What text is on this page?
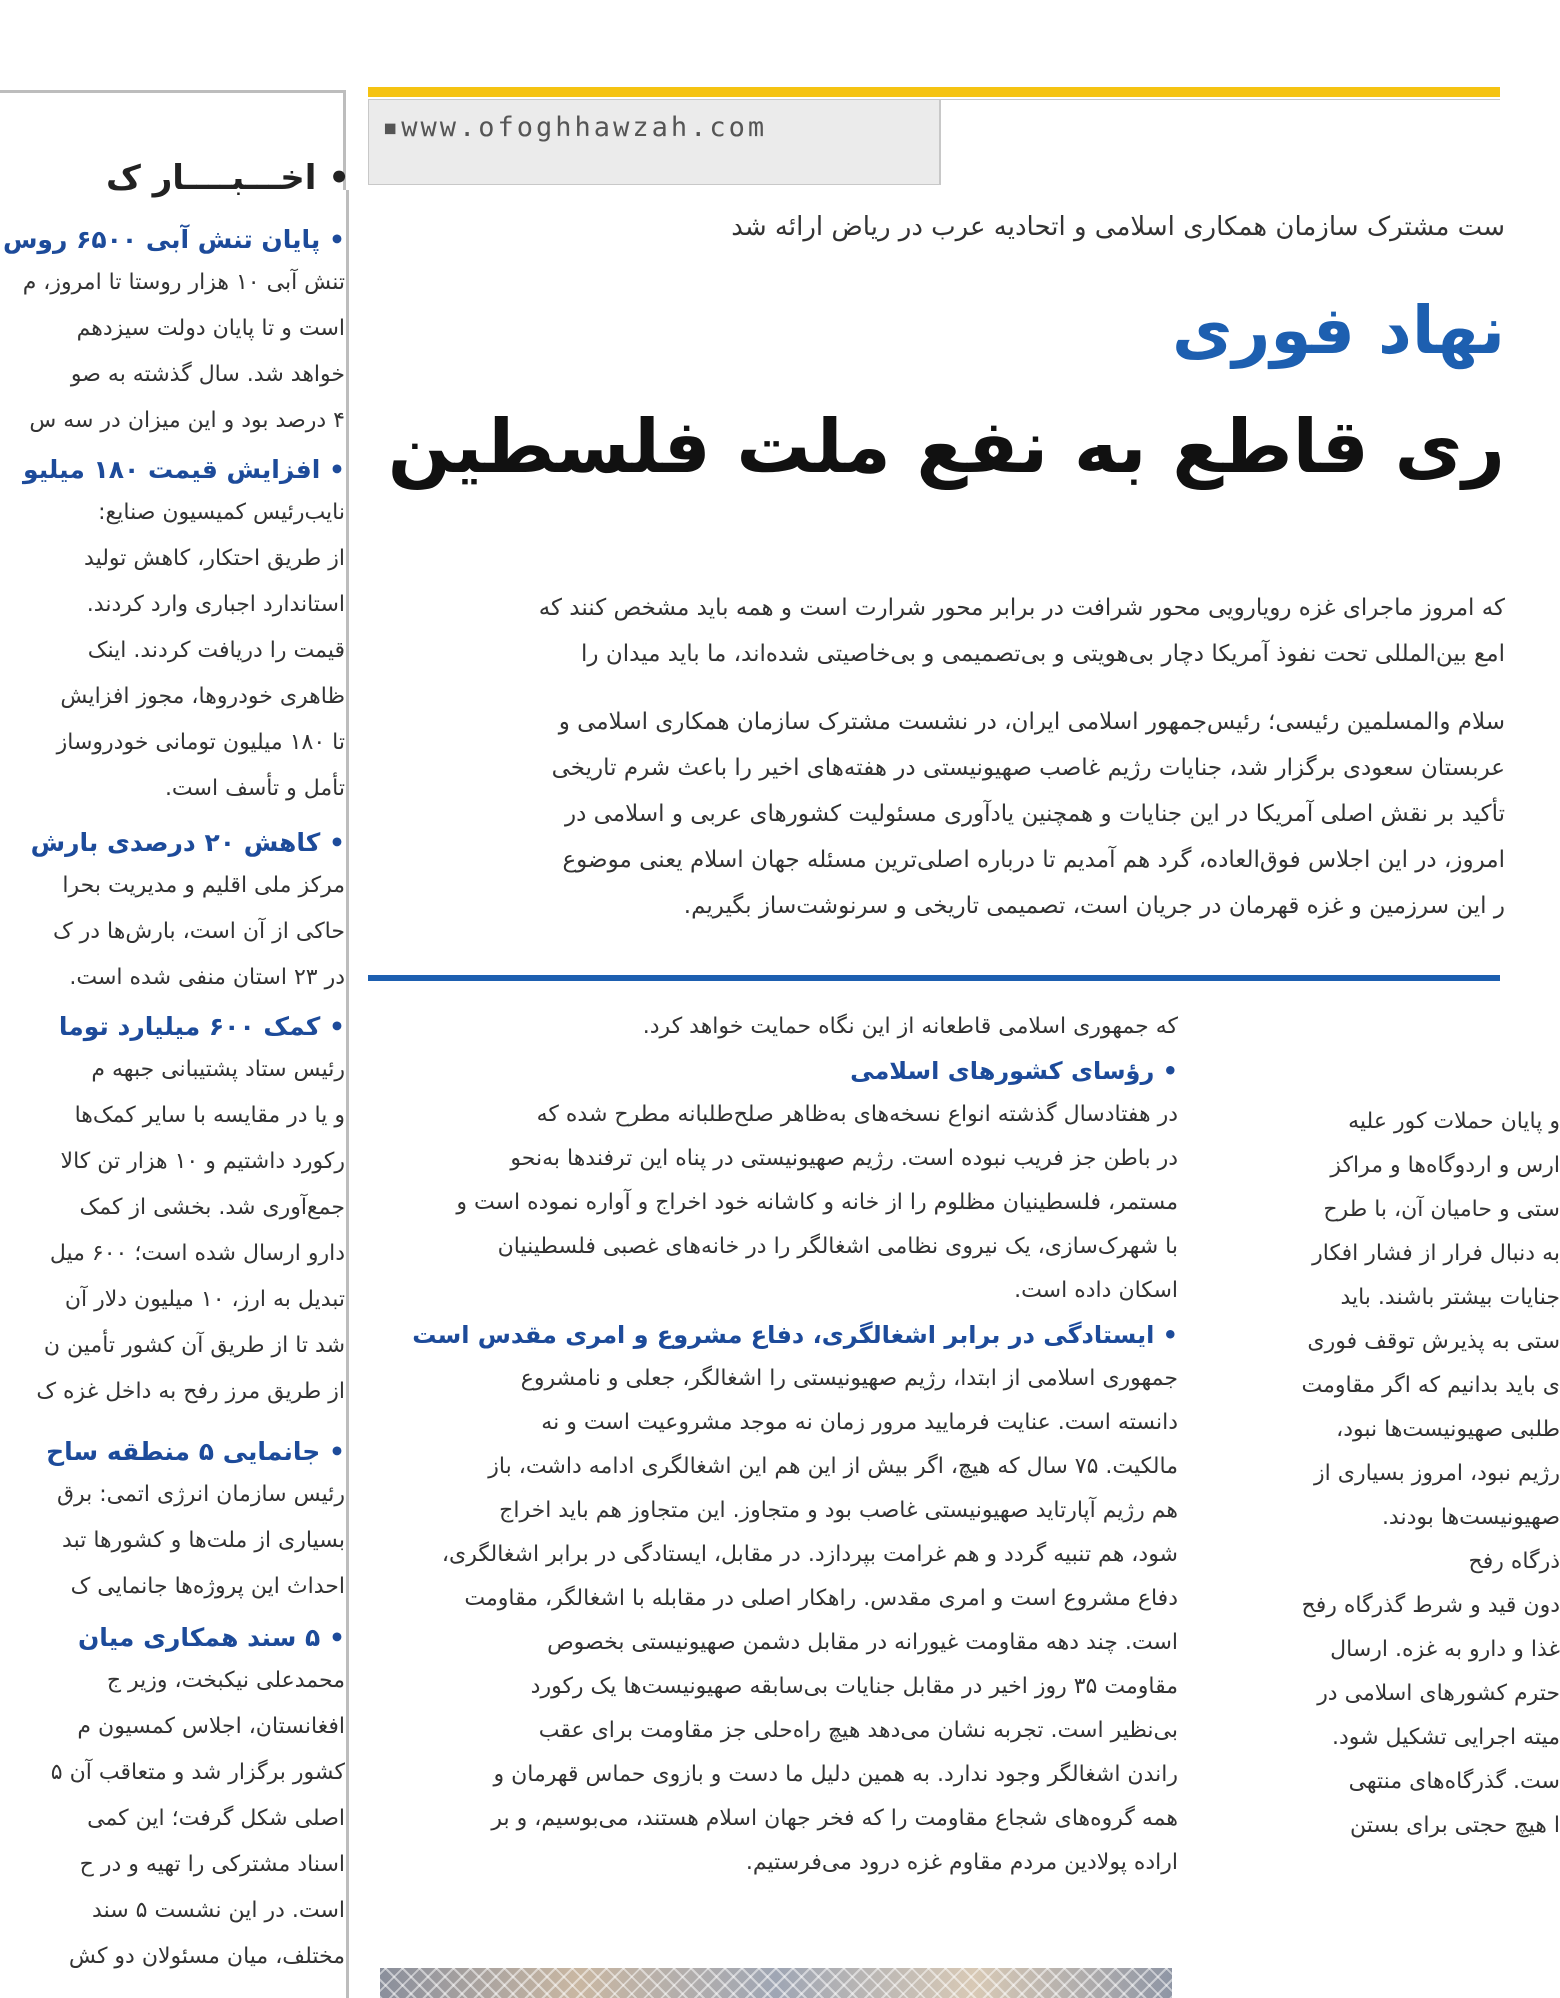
▪www.ofoghhawzah.com
• اخـــبــــار ک
• پایان تنش آبی ۶۵۰۰ روس
تنش آبی ۱۰ هزار روستا تا امروز، م
است و تا پایان دولت سیزدهم
خواهد شد. سال گذشته به صو
۴ درصد بود و این میزان در سه س
• افزایش قیمت ۱۸۰ میلیو
نایب‌رئیس کمیسیون صنایع:
از طریق احتکار، کاهش تولید
استاندارد اجباری وارد کردند.
قیمت را دریافت کردند. اینک
ظاهری خودروها، مجوز افزایش
تا ۱۸۰ میلیون تومانی خودروساز
تأمل و تأسف است.
• کاهش ۲۰ درصدی بارش
مرکز ملی اقلیم و مدیریت بحرا
حاکی از آن است، بارش‌ها در ک
در ۲۳ استان منفی شده است.
• کمک ۶۰۰ میلیارد توما
رئیس ستاد پشتیبانی جبهه م
و یا در مقایسه با سایر کمک‌ها
رکورد داشتیم و ۱۰ هزار تن کالا
جمع‌آوری شد. بخشی از کمک
دارو ارسال شده است؛ ۶۰۰ میل
تبدیل به ارز، ۱۰ میلیون دلار آن
شد تا از طریق آن کشور تأمین ن
از طریق مرز رفح به داخل غزه ک
• جانمایی ۵ منطقه ساح
رئیس سازمان انرژی اتمی: برق
بسیاری از ملت‌ها و کشورها تبد
احداث این پروژه‌ها جانمایی ک
• ۵ سند همکاری میان
محمدعلی نیکبخت، وزیر ج
افغانستان، اجلاس کمسیون م
کشور برگزار شد و متعاقب آن ۵
اصلی شکل گرفت؛ این کمی
اسناد مشترکی را تهیه و در ح
است. در این نشست ۵ سند
مختلف، میان مسئولان دو کش
ست مشترک سازمان همکاری اسلامی و اتحادیه عرب در ریاض ارائه شد
نهاد فوری
ری قاطع به نفع ملت فلسطین
که امروز ماجرای غزه رویارویی محور شرافت در برابر محور شرارت است و همه باید مشخص کنند که
امع بین‌المللی تحت نفوذ آمریکا دچار بی‌هویتی و بی‌تصمیمی و بی‌خاصیتی شده‌اند، ما باید میدان را
سلام والمسلمین رئیسی؛ رئیس‌جمهور اسلامی ایران، در نشست مشترک سازمان همکاری اسلامی و
عربستان سعودی برگزار شد، جنایات رژیم غاصب صهیونیستی در هفته‌های اخیر را باعث شرم تاریخی
تأکید بر نقش اصلی آمریکا در این جنایات و همچنین یادآوری مسئولیت کشورهای عربی و اسلامی در
امروز، در این اجلاس فوق‌العاده، گرد هم آمدیم تا درباره اصلی‌ترین مسئله جهان اسلام یعنی موضوع
ر این سرزمین و غزه قهرمان در جریان است، تصمیمی تاریخی و سرنوشت‌ساز بگیریم.
که جمهوری اسلامی قاطعانه از این نگاه حمایت خواهد کرد.
• رؤسای کشورهای اسلامی
در هفتادسال گذشته انواع نسخه‌های به‌ظاهر صلح‌طلبانه مطرح شده که
در باطن جز فریب نبوده است. رژیم صهیونیستی در پناه این ترفندها به‌نحو
مستمر، فلسطینیان مظلوم را از خانه و کاشانه خود اخراج و آواره نموده است و
با شهرک‌سازی، یک نیروی نظامی اشغالگر را در خانه‌های غصبی فلسطینیان
اسکان داده است.
• ایستادگی در برابر اشغالگری، دفاع مشروع و امری مقدس است
جمهوری اسلامی از ابتدا، رژیم صهیونیستی را اشغالگر، جعلی و نامشروع
دانسته است. عنایت فرمایید مرور زمان نه موجد مشروعیت است و نه
مالکیت. ۷۵ سال که هیچ، اگر بیش از این هم این اشغالگری ادامه داشت، باز
هم رژیم آپارتاید صهیونیستی غاصب بود و متجاوز. این متجاوز هم باید اخراج
شود، هم تنبیه گردد و هم غرامت بپردازد. در مقابل، ایستادگی در برابر اشغالگری،
دفاع مشروع است و امری مقدس. راهکار اصلی در مقابله با اشغالگر، مقاومت
است. چند دهه مقاومت غیورانه در مقابل دشمن صهیونیستی بخصوص
مقاومت ۳۵ روز اخیر در مقابل جنایات بی‌سابقه صهیونیست‌ها یک رکورد
بی‌نظیر است. تجربه نشان می‌دهد هیچ راه‌حلی جز مقاومت برای عقب
راندن اشغالگر وجود ندارد. به همین دلیل ما دست و بازوی حماس قهرمان و
همه گروه‌های شجاع مقاومت را که فخر جهان اسلام هستند، می‌بوسیم، و بر
اراده پولادین مردم مقاوم غزه درود می‌فرستیم.
و پایان حملات کور علیه
ارس و اردوگاه‌ها و مراکز
ستی و حامیان آن، با طرح
به دنبال فرار از فشار افکار
جنایات بیشتر باشند. باید
ستی به پذیرش توقف فوری
ی باید بدانیم که اگر مقاومت
طلبی صهیونیست‌ها نبود،
رژیم نبود، امروز بسیاری از
صهیونیست‌ها بودند.
ذرگاه رفح
دون قید و شرط گذرگاه رفح
غذا و دارو به غزه. ارسال
حترم کشورهای اسلامی در
میته اجرایی تشکیل شود.
ست. گذرگاه‌های منتهی
ا هیچ حجتی برای بستن
